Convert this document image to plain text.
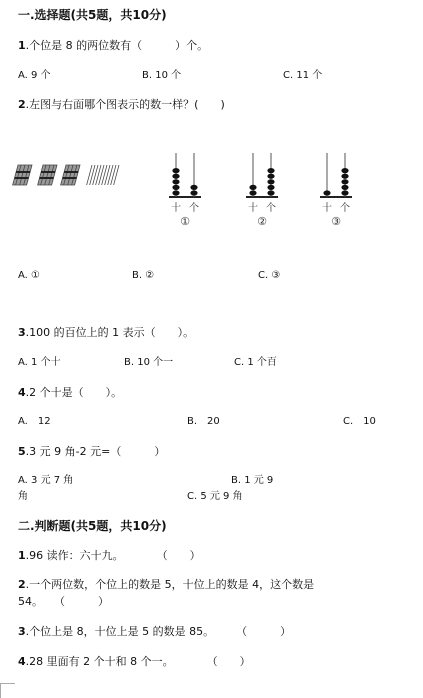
一.选择题(共5题，共10分)
1.个位是 8 的两位数有（　　　）个。
A. 9 个	B. 10 个	C. 11 个
2.左图与右面哪个图表示的数一样？(　　)
十 个
①
十 个
②
十 个
③
A. ①	B. ②	C. ③
3.100 的百位上的 1 表示（　　）。
A. 1 个十	B. 10 个一	C. 1 个百
4.2 个十是（　　）。
A.　12	B.　20	C.　10
5.3 元 9 角-2 元=（　　　）
A. 3 元 7 角	B. 1 元 9
角	C. 5 元 9 角
二.判断题(共5题，共10分)
1.96 读作：六十九。　　　　（　　）
2.一个两位数，个位上的数是 5，十位上的数是 4，这个数是
54。　　（　　　）
3.个位上是 8，十位上是 5 的数是 85。　　　（　　　）
4.28 里面有 2 个十和 8 个一。　　　　（　　）
